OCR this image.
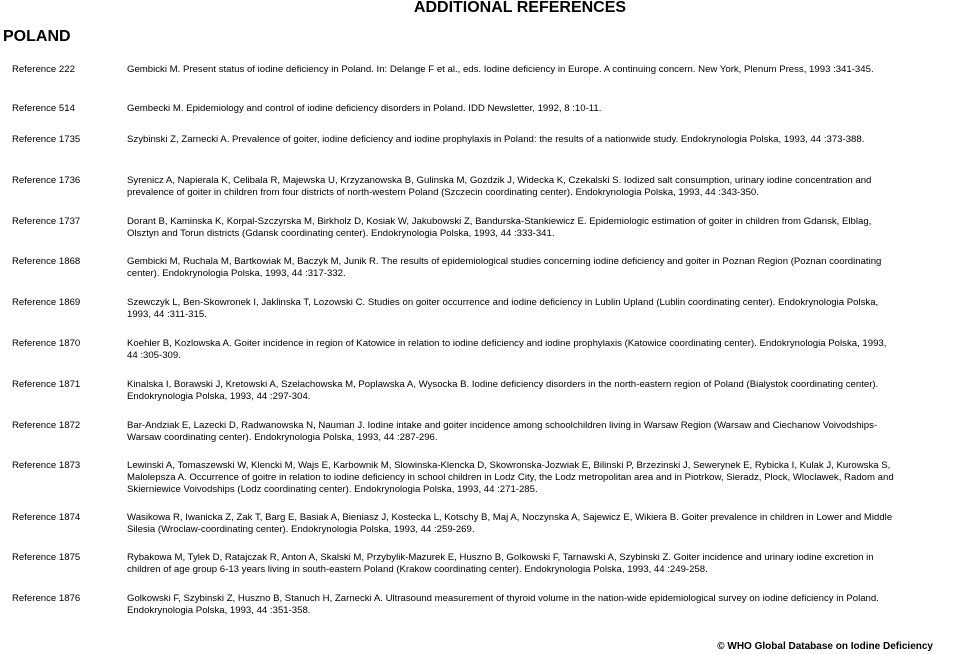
ADDITIONAL REFERENCES
POLAND
Reference 222	Gembicki M. Present status of iodine deficiency in Poland. In: Delange F et al., eds. Iodine deficiency in Europe. A continuing concern. New York, Plenum Press, 1993 :341-345.
Reference 514	Gembecki M. Epidemiology and control of iodine deficiency disorders in Poland. IDD Newsletter, 1992, 8 :10-11.
Reference 1735	Szybinski Z, Zarnecki A. Prevalence of goiter, iodine deficiency and iodine prophylaxis in Poland: the results of a nationwide study. Endokrynologia Polska, 1993, 44 :373-388.
Reference 1736	Syrenicz A, Napierala K, Celibala R, Majewska U, Krzyzanowska B, Gulinska M, Gozdzik J, Widecka K, Czekalski S. Iodized salt consumption, urinary iodine concentration and prevalence of goiter in children from four districts of north-western Poland (Szczecin coordinating center). Endokrynologia Polska, 1993, 44 :343-350.
Reference 1737	Dorant B, Kaminska K, Korpal-Szczyrska M, Birkholz D, Kosiak W, Jakubowski Z, Bandurska-Stankiewicz E. Epidemiologic estimation of goiter in children from Gdansk, Elblag, Olsztyn and Torun districts (Gdansk coordinating center). Endokrynologia Polska, 1993, 44 :333-341.
Reference 1868	Gembicki M, Ruchala M, Bartkowiak M, Baczyk M, Junik R. The results of epidemiological studies concerning iodine deficiency and goiter in Poznan Region (Poznan coordinating center). Endokrynologia Polska, 1993, 44 :317-332.
Reference 1869	Szewczyk L, Ben-Skowronek I, Jaklinska T, Lozowski C. Studies on goiter occurrence and iodine deficiency in Lublin Upland (Lublin coordinating center). Endokrynologia Polska, 1993, 44 :311-315.
Reference 1870	Koehler B, Kozlowska A. Goiter incidence in region of Katowice in relation to iodine deficiency and iodine prophylaxis (Katowice coordinating center). Endokrynologia Polska, 1993, 44 :305-309.
Reference 1871	Kinalska I, Borawski J, Kretowski A, Szelachowska M, Poplawska A, Wysocka B. Iodine deficiency disorders in the north-eastern region of Poland (Bialystok coordinating center). Endokrynologia Polska, 1993, 44 :297-304.
Reference 1872	Bar-Andziak E, Lazecki D, Radwanowska N, Nauman J. Iodine intake and goiter incidence among schoolchildren living in Warsaw Region (Warsaw and Ciechanow Voivodships-Warsaw coordinating center). Endokrynologia Polska, 1993, 44 :287-296.
Reference 1873	Lewinski A, Tomaszewski W, Klencki M, Wajs E, Karbownik M, Slowinska-Klencka D, Skowronska-Jozwiak E, Bilinski P, Brzezinski J, Sewerynek E, Rybicka I, Kulak J, Kurowska S, Malolepsza A. Occurrence of goitre in relation to iodine deficiency in school children in Lodz City, the Lodz metropolitan area and in Piotrkow, Sieradz, Plock, Wloclawek, Radom and Skierniewice Voivodships (Lodz coordinating center). Endokrynologia Polska, 1993, 44 :271-285.
Reference 1874	Wasikowa R, Iwanicka Z, Zak T, Barg E, Basiak A, Bieniasz J, Kostecka L, Kotschy B, Maj A, Noczynska A, Sajewicz E, Wikiera B. Goiter prevalence in children in Lower and Middle Silesia (Wroclaw-coordinating center). Endokrynologia Polska, 1993, 44 :259-269.
Reference 1875	Rybakowa M, Tylek D, Ratajczak R, Anton A, Skalski M, Przybylik-Mazurek E, Huszno B, Golkowski F, Tarnawski A, Szybinski Z. Goiter incidence and urinary iodine excretion in children of age group 6-13 years living in south-eastern Poland (Krakow coordinating center). Endokrynologia Polska, 1993, 44 :249-258.
Reference 1876	Golkowski F, Szybinski Z, Huszno B, Stanuch H, Zarnecki A. Ultrasound measurement of thyroid volume in the nation-wide epidemiological survey on iodine deficiency in Poland. Endokrynologia Polska, 1993, 44 :351-358.
© WHO Global Database on Iodine Deficiency
